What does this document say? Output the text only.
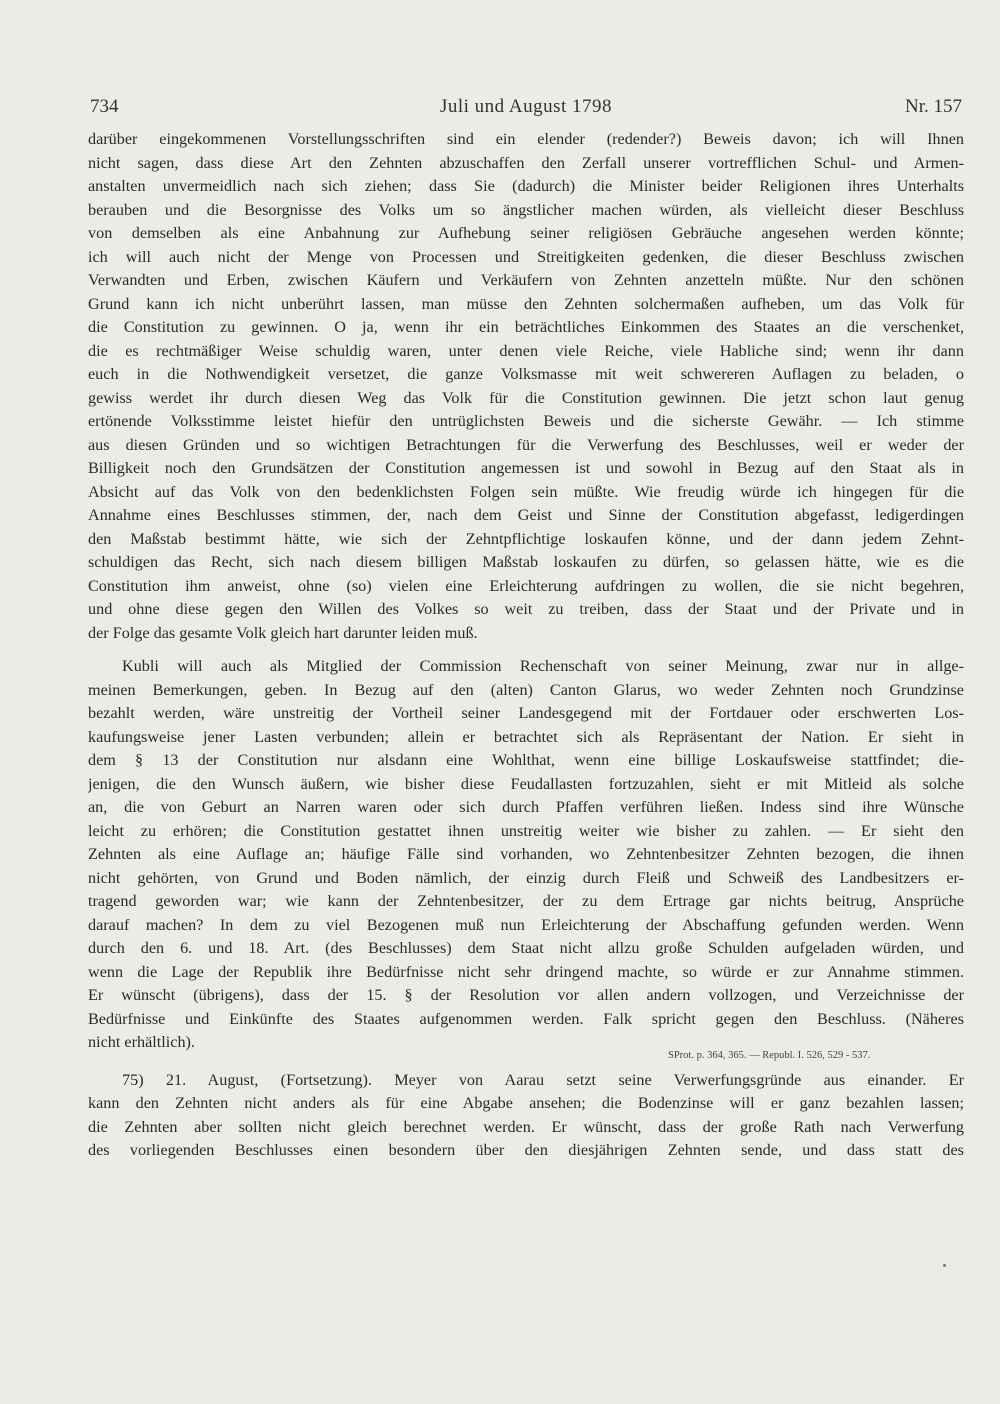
734	Juli und August 1798	Nr. 157
darüber eingekommenen Vorstellungsschriften sind ein elender (redender?) Beweis davon; ich will Ihnen
nicht sagen, dass diese Art den Zehnten abzuschaffen den Zerfall unserer vortrefflichen Schul- und Armen-
anstalten unvermeidlich nach sich ziehen; dass Sie (dadurch) die Minister beider Religionen ihres Unterhalts
berauben und die Besorgnisse des Volks um so ängstlicher machen würden, als vielleicht dieser Beschluss
von demselben als eine Anbahnung zur Aufhebung seiner religiösen Gebräuche angesehen werden könnte;
ich will auch nicht der Menge von Processen und Streitigkeiten gedenken, die dieser Beschluss zwischen
Verwandten und Erben, zwischen Käufern und Verkäufern von Zehnten anzetteln müßte. Nur den schönen
Grund kann ich nicht unberührt lassen, man müsse den Zehnten solchermaßen aufheben, um das Volk für
die Constitution zu gewinnen. O ja, wenn ihr ein beträchtliches Einkommen des Staates an die verschenket,
die es rechtmäßiger Weise schuldig waren, unter denen viele Reiche, viele Habliche sind; wenn ihr dann
euch in die Nothwendigkeit versetzet, die ganze Volksmasse mit weit schwereren Auflagen zu beladen, o
gewiss werdet ihr durch diesen Weg das Volk für die Constitution gewinnen. Die jetzt schon laut genug
ertönende Volksstimme leistet hiefür den untrüglichsten Beweis und die sicherste Gewähr. — Ich stimme
aus diesen Gründen und so wichtigen Betrachtungen für die Verwerfung des Beschlusses, weil er weder der
Billigkeit noch den Grundsätzen der Constitution angemessen ist und sowohl in Bezug auf den Staat als in
Absicht auf das Volk von den bedenklichsten Folgen sein müßte. Wie freudig würde ich hingegen für die
Annahme eines Beschlusses stimmen, der, nach dem Geist und Sinne der Constitution abgefasst, ledigerdingen
den Maßstab bestimmt hätte, wie sich der Zehntpflichtige loskaufen könne, und der dann jedem Zehnt-
schuldigen das Recht, sich nach diesem billigen Maßstab loskaufen zu dürfen, so gelassen hätte, wie es die
Constitution ihm anweist, ohne (so) vielen eine Erleichterung aufdringen zu wollen, die sie nicht begehren,
und ohne diese gegen den Willen des Volkes so weit zu treiben, dass der Staat und der Private und in
der Folge das gesamte Volk gleich hart darunter leiden muß.
Kubli will auch als Mitglied der Commission Rechenschaft von seiner Meinung, zwar nur in allge-
meinen Bemerkungen, geben. In Bezug auf den (alten) Canton Glarus, wo weder Zehnten noch Grundzinse
bezahlt werden, wäre unstreitig der Vortheil seiner Landesgegend mit der Fortdauer oder erschwerten Los-
kaufungsweise jener Lasten verbunden; allein er betrachtet sich als Repräsentant der Nation. Er sieht in
dem § 13 der Constitution nur alsdann eine Wohlthat, wenn eine billige Loskaufsweise stattfindet; die-
jenigen, die den Wunsch äußern, wie bisher diese Feudallasten fortzuzahlen, sieht er mit Mitleid als solche
an, die von Geburt an Narren waren oder sich durch Pfaffen verführen ließen. Indess sind ihre Wünsche
leicht zu erhören; die Constitution gestattet ihnen unstreitig weiter wie bisher zu zahlen. — Er sieht den
Zehnten als eine Auflage an; häufige Fälle sind vorhanden, wo Zehntenbesitzer Zehnten bezogen, die ihnen
nicht gehörten, von Grund und Boden nämlich, der einzig durch Fleiß und Schweiß des Landbesitzers er-
tragend geworden war; wie kann der Zehntenbesitzer, der zu dem Ertrage gar nichts beitrug, Ansprüche
darauf machen? In dem zu viel Bezogenen muß nun Erleichterung der Abschaffung gefunden werden. Wenn
durch den 6. und 18. Art. (des Beschlusses) dem Staat nicht allzu große Schulden aufgeladen würden, und
wenn die Lage der Republik ihre Bedürfnisse nicht sehr dringend machte, so würde er zur Annahme stimmen.
Er wünscht (übrigens), dass der 15. § der Resolution vor allen andern vollzogen, und Verzeichnisse der
Bedürfnisse und Einkünfte des Staates aufgenommen werden. Falk spricht gegen den Beschluss. (Näheres
nicht erhältlich).
75) 21. August, (Fortsetzung). Meyer von Aarau setzt seine Verwerfungsgründe aus einander. Er
kann den Zehnten nicht anders als für eine Abgabe ansehen; die Bodenzinse will er ganz bezahlen lassen;
die Zehnten aber sollten nicht gleich berechnet werden. Er wünscht, dass der große Rath nach Verwerfung
des vorliegenden Beschlusses einen besondern über den diesjährigen Zehnten sende, und dass statt des
SProt. p. 364, 365. — Republ. I. 526, 529 - 537.
